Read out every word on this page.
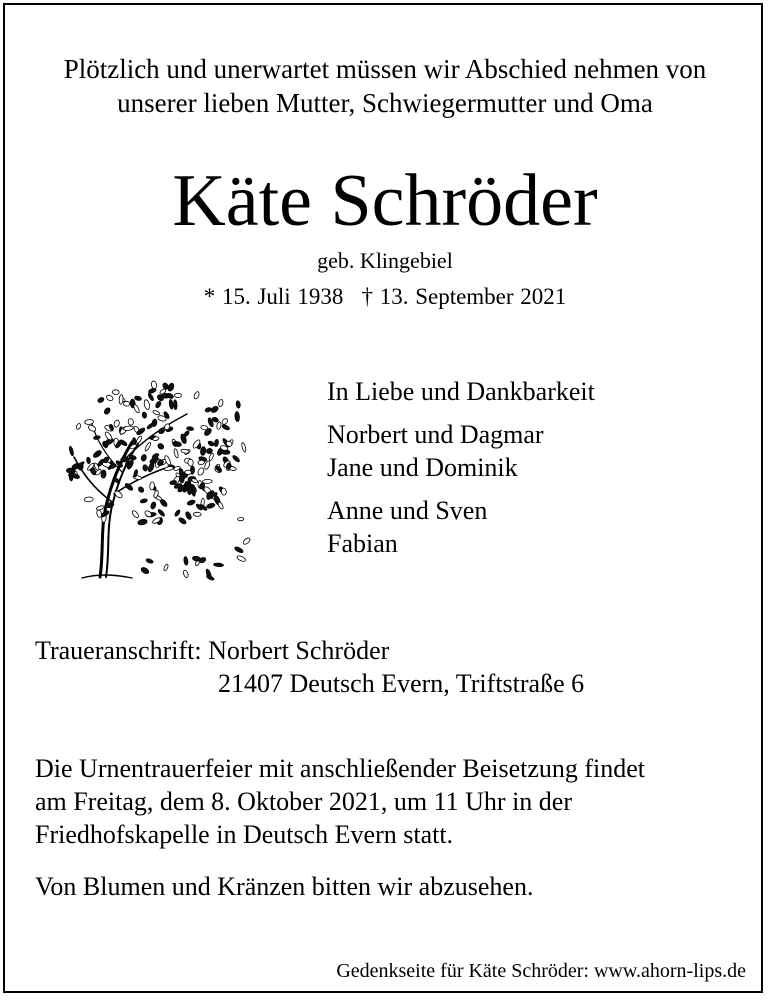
Plötzlich und unerwartet müssen wir Abschied nehmen von
unserer lieben Mutter, Schwiegermutter und Oma
Käte Schröder
geb. Klingebiel
* 15. Juli 1938 † 13. September 2021

In Liebe und Dankbarkeit

Norbert und Dagmar

Jane und Dominik

Anne und Sven

Fabian

Traueranschrift: Norbert Schröder
21407 Deutsch Evern, Triftstraße 6
Die Urnentrauerfeier mit anschließender Beisetzung findet
am Freitag, dem 8. Oktober 2021, um 11 Uhr in der
Friedhofskapelle in Deutsch Evern statt.
Von Blumen und Kränzen bitten wir abzusehen.
Gedenkseite für Käte Schröder: www.ahorn-lips.de
